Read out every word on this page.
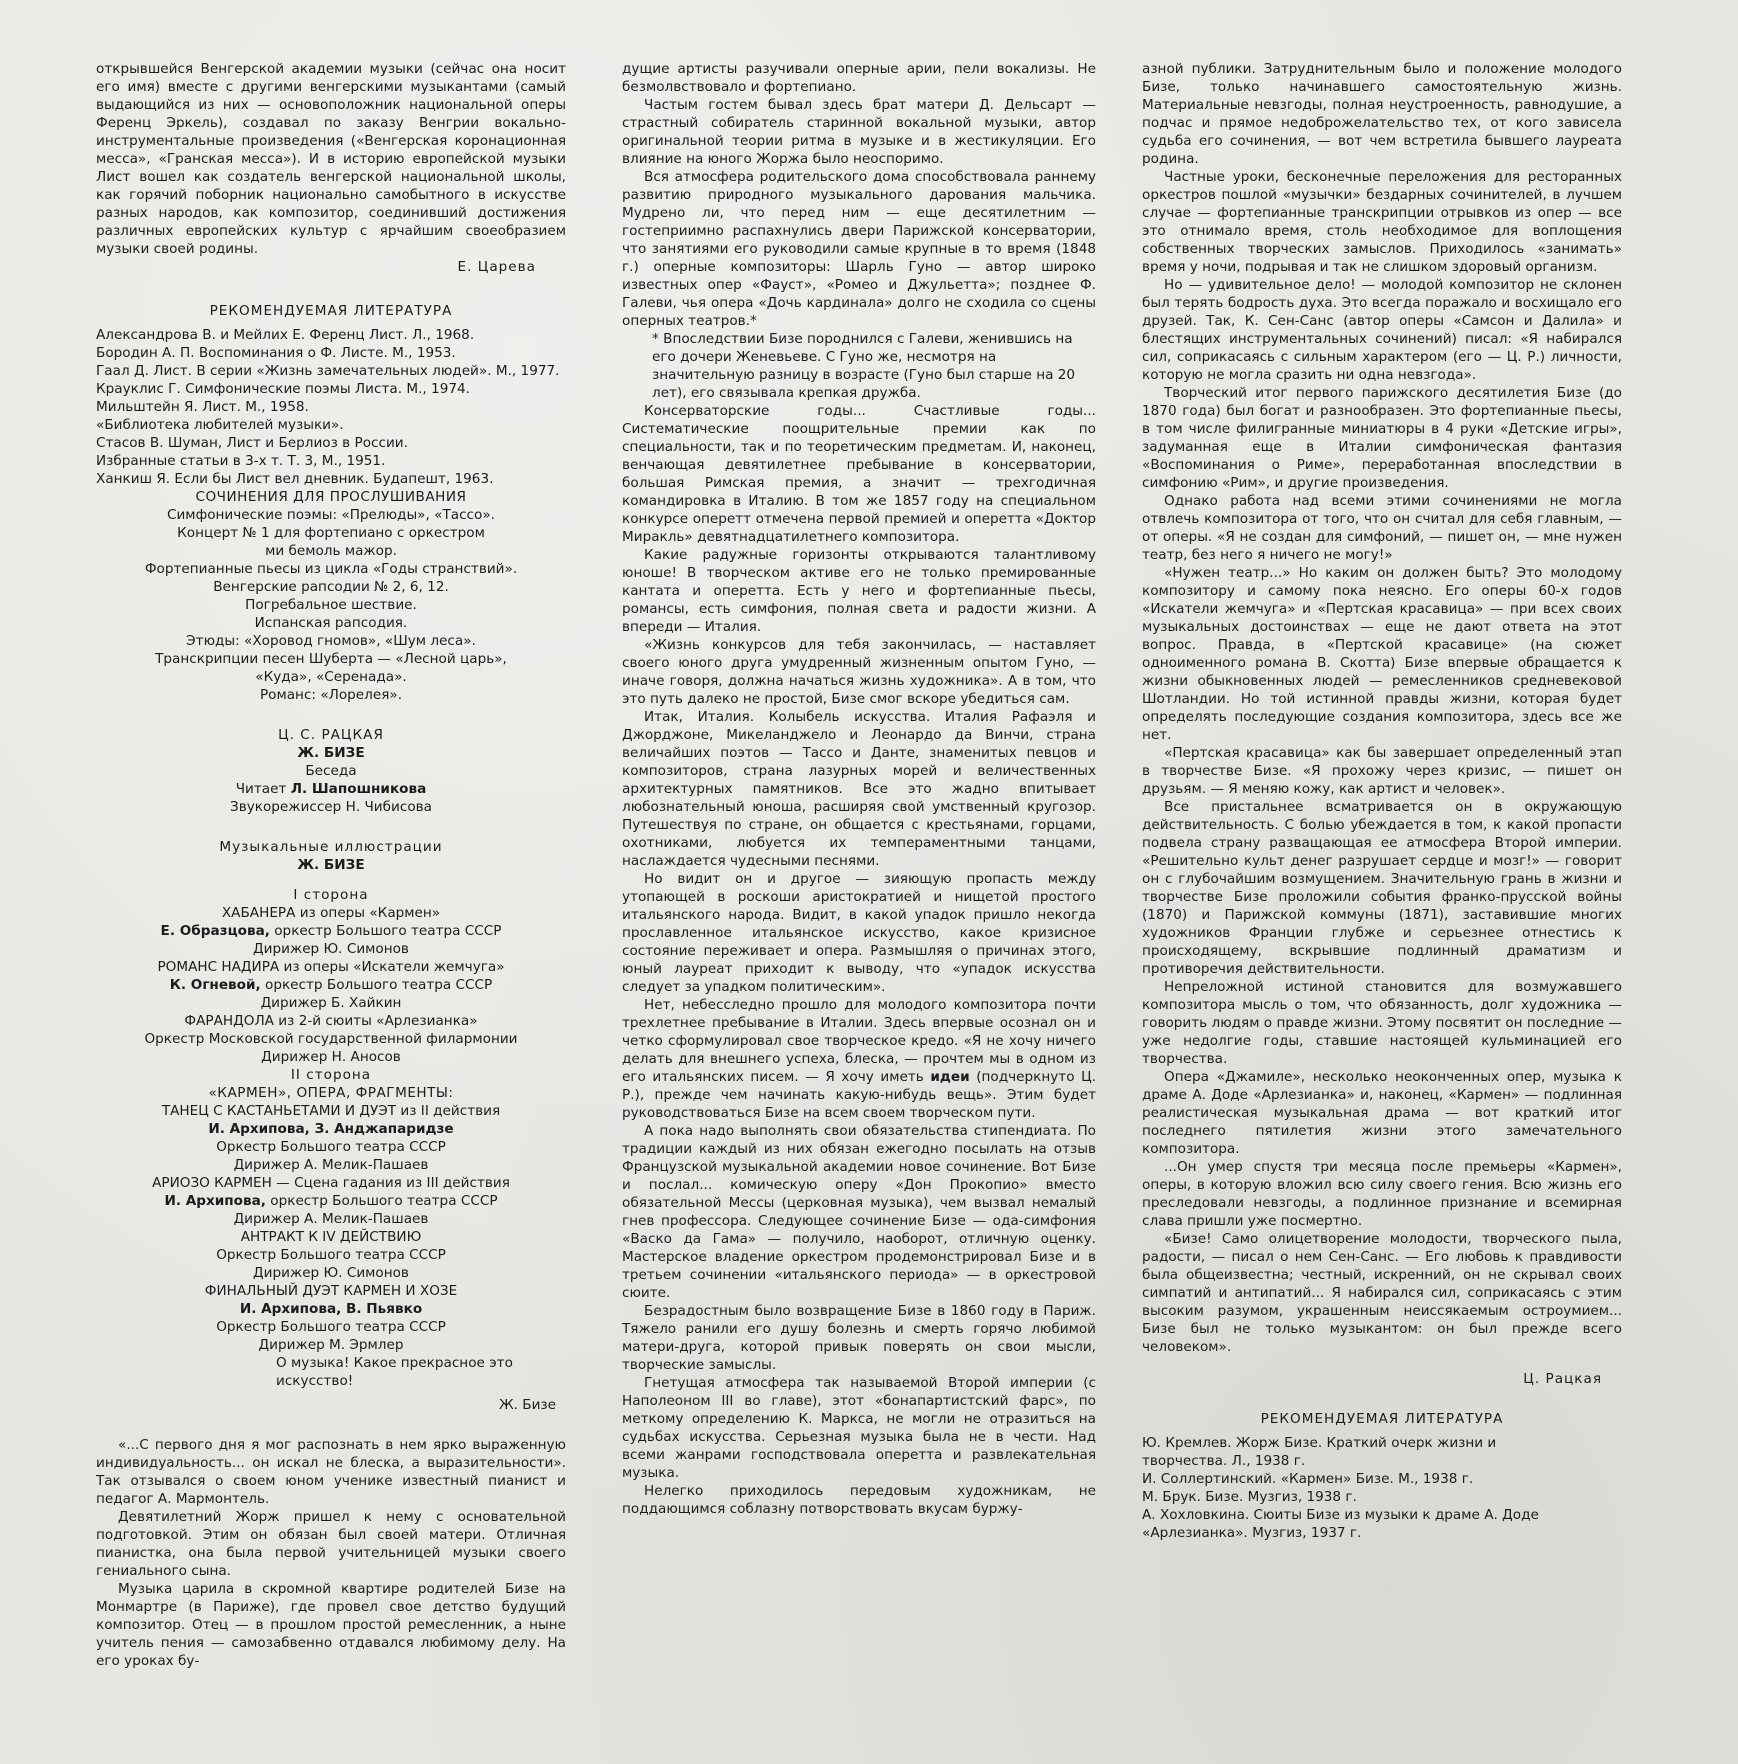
открывшейся Венгерской академии музыки (сейчас она носит его имя) вместе с другими венгерскими музыкантами (самый выдающийся из них — основоположник национальной оперы Ференц Эркель), создавал по заказу Венгрии вокально-инструментальные произведения («Венгерская коронационная месса», «Гранская месса»). И в историю европейской музыки Лист вошел как создатель венгерской национальной школы, как горячий поборник национально самобытного в искусстве разных народов, как композитор, соединивший достижения различных европейских культур с ярчайшим своеобразием музыки своей родины.

Е. Царева

РЕКОМЕНДУЕМАЯ ЛИТЕРАТУРА

Александрова В. и Мейлих Е. Ференц Лист. Л., 1968.

Бородин А. П. Воспоминания о Ф. Листе. М., 1953.

Гаал Д. Лист. В серии «Жизнь замечательных людей». М., 1977.

Крауклис Г. Симфонические поэмы Листа. М., 1974.

Мильштейн Я. Лист. М., 1958.

«Библиотека любителей музыки».

Стасов В. Шуман, Лист и Берлиоз в России.

Избранные статьи в 3-х т. Т. 3, М., 1951.

Ханкиш Я. Если бы Лист вел дневник. Будапешт, 1963.

СОЧИНЕНИЯ ДЛЯ ПРОСЛУШИВАНИЯ

Симфонические поэмы: «Прелюды», «Тассо».

Концерт № 1 для фортепиано с оркестром

ми бемоль мажор.

Фортепианные пьесы из цикла «Годы странствий».

Венгерские рапсодии № 2, 6, 12.

Погребальное шествие.

Испанская рапсодия.

Этюды: «Хоровод гномов», «Шум леса».

Транскрипции песен Шуберта — «Лесной царь»,

«Куда», «Серенада».

Романс: «Лорелея».

Ц. С. РАЦКАЯ

Ж. БИЗЕ

Беседа

Читает Л. Шапошникова

Звукорежиссер Н. Чибисова

Музыкальные иллюстрации

Ж. БИЗЕ

I сторона

ХАБАНЕРА из оперы «Кармен»

Е. Образцова, оркестр Большого театра СССР

Дирижер Ю. Симонов

РОМАНС НАДИРА из оперы «Искатели жемчуга»

К. Огневой, оркестр Большого театра СССР

Дирижер Б. Хайкин

ФАРАНДОЛА из 2-й сюиты «Арлезианка»

Оркестр Московской государственной филармонии

Дирижер Н. Аносов

II сторона

«КАРМЕН», ОПЕРА, ФРАГМЕНТЫ:

ТАНЕЦ С КАСТАНЬЕТАМИ И ДУЭТ из II действия

И. Архипова, З. Анджапаридзе

Оркестр Большого театра СССР

Дирижер А. Мелик-Пашаев

АРИОЗО КАРМЕН — Сцена гадания из III действия

И. Архипова, оркестр Большого театра СССР

Дирижер А. Мелик-Пашаев

АНТРАКТ К IV ДЕЙСТВИЮ

Оркестр Большого театра СССР

Дирижер Ю. Симонов

ФИНАЛЬНЫЙ ДУЭТ КАРМЕН И ХОЗЕ

И. Архипова, В. Пьявко

Оркестр Большого театра СССР

Дирижер М. Эрмлер

О музыка! Какое прекрасное это искусство!

Ж. Бизе

«...С первого дня я мог распознать в нем ярко выраженную индивидуальность... он искал не блеска, а выразительности». Так отзывался о своем юном ученике известный пианист и педагог А. Мармонтель.

Девятилетний Жорж пришел к нему с основательной подготовкой. Этим он обязан был своей матери. Отличная пианистка, она была первой учительницей музыки своего гениального сына.

Музыка царила в скромной квартире родителей Бизе на Монмартре (в Париже), где провел свое детство будущий композитор. Отец — в прошлом простой ремесленник, а ныне учитель пения — самозабвенно отдавался любимому делу. На его уроках бу-

дущие артисты разучивали оперные арии, пели вокализы. Не безмолвствовало и фортепиано.

Частым гостем бывал здесь брат матери Д. Дельсарт — страстный собиратель старинной вокальной музыки, автор оригинальной теории ритма в музыке и в жестикуляции. Его влияние на юного Жоржа было неоспоримо.

Вся атмосфера родительского дома способствовала раннему развитию природного музыкального дарования мальчика. Мудрено ли, что перед ним — еще десятилетним — гостеприимно распахнулись двери Парижской консерватории, что занятиями его руководили самые крупные в то время (1848 г.) оперные композиторы: Шарль Гуно — автор широко известных опер «Фауст», «Ромео и Джульетта»; позднее Ф. Галеви, чья опера «Дочь кардинала» долго не сходила со сцены оперных театров.*

* Впоследствии Бизе породнился с Галеви, женившись на его дочери Женевьеве. С Гуно же, несмотря на значительную разницу в возрасте (Гуно был старше на 20 лет), его связывала крепкая дружба.

Консерваторские годы... Счастливые годы... Систематические поощрительные премии как по специальности, так и по теоретическим предметам. И, наконец, венчающая девятилетнее пребывание в консерватории, большая Римская премия, а значит — трехгодичная командировка в Италию. В том же 1857 году на специальном конкурсе оперетт отмечена первой премией и оперетта «Доктор Миракль» девятнадцатилетнего композитора.

Какие радужные горизонты открываются талантливому юноше! В творческом активе его не только премированные кантата и оперетта. Есть у него и фортепианные пьесы, романсы, есть симфония, полная света и радости жизни. А впереди — Италия.

«Жизнь конкурсов для тебя закончилась, — наставляет своего юного друга умудренный жизненным опытом Гуно, — иначе говоря, должна начаться жизнь художника». А в том, что это путь далеко не простой, Бизе смог вскоре убедиться сам.

Итак, Италия. Колыбель искусства. Италия Рафаэля и Джорджоне, Микеланджело и Леонардо да Винчи, страна величайших поэтов — Тассо и Данте, знаменитых певцов и композиторов, страна лазурных морей и величественных архитектурных памятников. Все это жадно впитывает любознательный юноша, расширяя свой умственный кругозор. Путешествуя по стране, он общается с крестьянами, горцами, охотниками, любуется их темпераментными танцами, наслаждается чудесными песнями.

Но видит он и другое — зияющую пропасть между утопающей в роскоши аристократией и нищетой простого итальянского народа. Видит, в какой упадок пришло некогда прославленное итальянское искусство, какое кризисное состояние переживает и опера. Размышляя о причинах этого, юный лауреат приходит к выводу, что «упадок искусства следует за упадком политическим».

Нет, небесследно прошло для молодого композитора почти трехлетнее пребывание в Италии. Здесь впервые осознал он и четко сформулировал свое творческое кредо. «Я не хочу ничего делать для внешнего успеха, блеска, — прочтем мы в одном из его итальянских писем. — Я хочу иметь идеи (подчеркнуто Ц. Р.), прежде чем начинать какую-нибудь вещь». Этим будет руководствоваться Бизе на всем своем творческом пути.

А пока надо выполнять свои обязательства стипендиата. По традиции каждый из них обязан ежегодно посылать на отзыв Французской музыкальной академии новое сочинение. Вот Бизе и послал... комическую оперу «Дон Прокопио» вместо обязательной Мессы (церковная музыка), чем вызвал немалый гнев профессора. Следующее сочинение Бизе — ода-симфония «Васко да Гама» — получило, наоборот, отличную оценку. Мастерское владение оркестром продемонстрировал Бизе и в третьем сочинении «итальянского периода» — в оркестровой сюите.

Безрадостным было возвращение Бизе в 1860 году в Париж. Тяжело ранили его душу болезнь и смерть горячо любимой матери-друга, которой привык поверять он свои мысли, творческие замыслы.

Гнетущая атмосфера так называемой Второй империи (с Наполеоном III во главе), этот «бонапартистский фарс», по меткому определению К. Маркса, не могли не отразиться на судьбах искусства. Серьезная музыка была не в чести. Над всеми жанрами господствовала оперетта и развлекательная музыка.

Нелегко приходилось передовым художникам, не поддающимся соблазну потворствовать вкусам буржу-

азной публики. Затруднительным было и положение молодого Бизе, только начинавшего самостоятельную жизнь. Материальные невзгоды, полная неустроенность, равнодушие, а подчас и прямое недоброжелательство тех, от кого зависела судьба его сочинения, — вот чем встретила бывшего лауреата родина.

Частные уроки, бесконечные переложения для ресторанных оркестров пошлой «музычки» бездарных сочинителей, в лучшем случае — фортепианные транскрипции отрывков из опер — все это отнимало время, столь необходимое для воплощения собственных творческих замыслов. Приходилось «занимать» время у ночи, подрывая и так не слишком здоровый организм.

Но — удивительное дело! — молодой композитор не склонен был терять бодрость духа. Это всегда поражало и восхищало его друзей. Так, К. Сен-Санс (автор оперы «Самсон и Далила» и блестящих инструментальных сочинений) писал: «Я набирался сил, соприкасаясь с сильным характером (его — Ц. Р.) личности, которую не могла сразить ни одна невзгода».

Творческий итог первого парижского десятилетия Бизе (до 1870 года) был богат и разнообразен. Это фортепианные пьесы, в том числе филигранные миниатюры в 4 руки «Детские игры», задуманная еще в Италии симфоническая фантазия «Воспоминания о Риме», переработанная впоследствии в симфонию «Рим», и другие произведения.

Однако работа над всеми этими сочинениями не могла отвлечь композитора от того, что он считал для себя главным, — от оперы. «Я не создан для симфоний, — пишет он, — мне нужен театр, без него я ничего не могу!»

«Нужен театр...» Но каким он должен быть? Это молодому композитору и самому пока неясно. Его оперы 60-х годов «Искатели жемчуга» и «Пертская красавица» — при всех своих музыкальных достоинствах — еще не дают ответа на этот вопрос. Правда, в «Пертской красавице» (на сюжет одноименного романа В. Скотта) Бизе впервые обращается к жизни обыкновенных людей — ремесленников средневековой Шотландии. Но той истинной правды жизни, которая будет определять последующие создания композитора, здесь все же нет.

«Пертская красавица» как бы завершает определенный этап в творчестве Бизе. «Я прохожу через кризис, — пишет он друзьям. — Я меняю кожу, как артист и человек».

Все пристальнее всматривается он в окружающую действительность. С болью убеждается в том, к какой пропасти подвела страну разващающая ее атмосфера Второй империи. «Решительно культ денег разрушает сердце и мозг!» — говорит он с глубочайшим возмущением. Значительную грань в жизни и творчестве Бизе проложили события франко-прусской войны (1870) и Парижской коммуны (1871), заставившие многих художников Франции глубже и серьезнее отнестись к происходящему, вскрывшие подлинный драматизм и противоречия действительности.

Непреложной истиной становится для возмужавшего композитора мысль о том, что обязанность, долг художника — говорить людям о правде жизни. Этому посвятит он последние — уже недолгие годы, ставшие настоящей кульминацией его творчества.

Опера «Джамиле», несколько неоконченных опер, музыка к драме А. Доде «Арлезианка» и, наконец, «Кармен» — подлинная реалистическая музыкальная драма — вот краткий итог последнего пятилетия жизни этого замечательного композитора.

...Он умер спустя три месяца после премьеры «Кармен», оперы, в которую вложил всю силу своего гения. Всю жизнь его преследовали невзгоды, а подлинное признание и всемирная слава пришли уже посмертно.

«Бизе! Само олицетворение молодости, творческого пыла, радости, — писал о нем Сен-Санс. — Его любовь к правдивости была общеизвестна; честный, искренний, он не скрывал своих симпатий и антипатий... Я набирался сил, соприкасаясь с этим высоким разумом, украшенным неиссякаемым остроумием... Бизе был не только музыкантом: он был прежде всего человеком».

Ц. Рацкая

РЕКОМЕНДУЕМАЯ ЛИТЕРАТУРА

Ю. Кремлев. Жорж Бизе. Краткий очерк жизни и творчества. Л., 1938 г.

И. Соллертинский. «Кармен» Бизе. М., 1938 г.

М. Брук. Бизе. Музгиз, 1938 г.

А. Хохловкина. Сюиты Бизе из музыки к драме А. Доде «Арлезианка». Музгиз, 1937 г.
